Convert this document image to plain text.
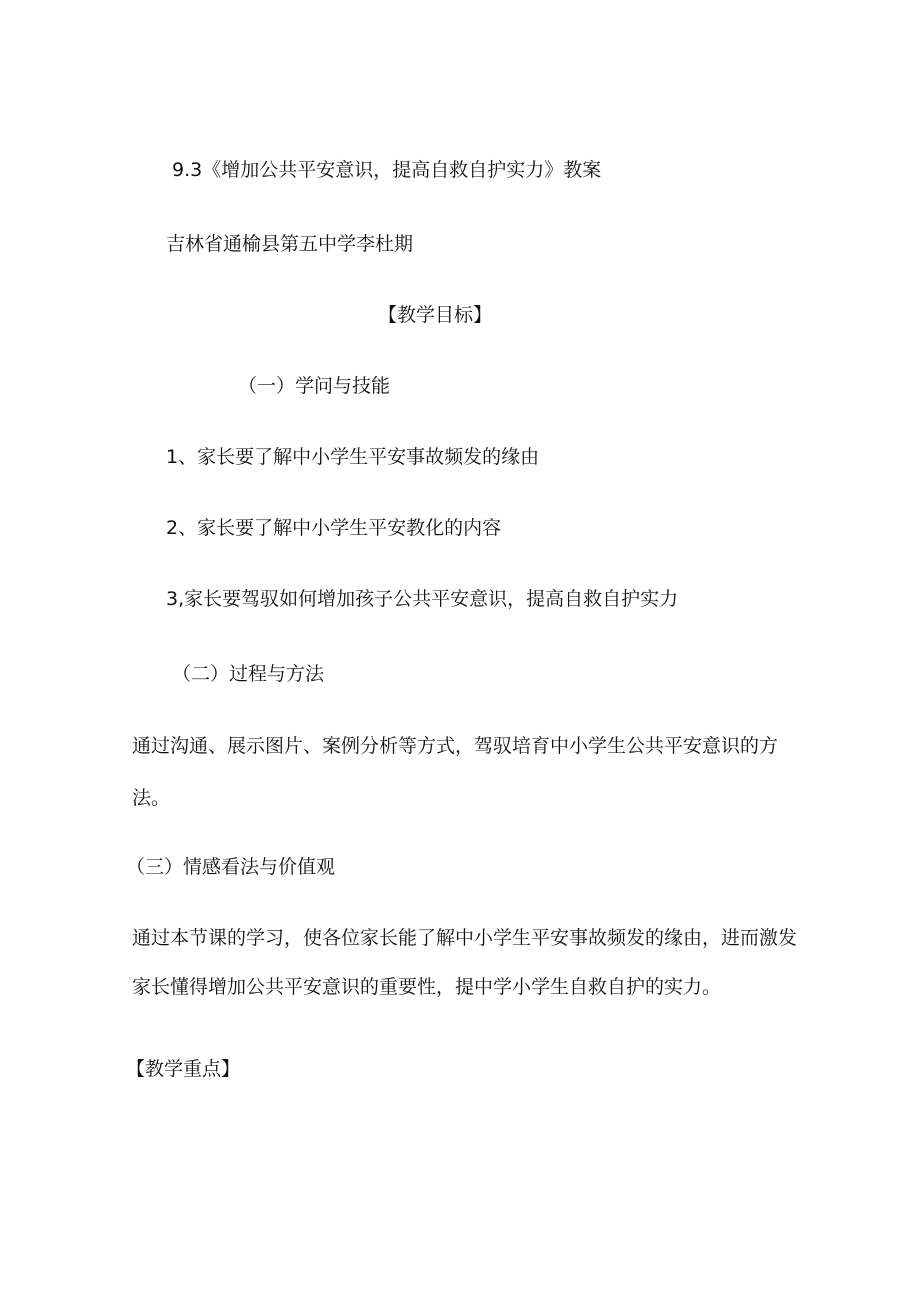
9.3《增加公共平安意识，提高自救自护实力》教案
吉林省通榆县第五中学李杜期
【教学目标】
（一）学问与技能
1、家长要了解中小学生平安事故频发的缘由
2、家长要了解中小学生平安教化的内容
3,家长要驾驭如何增加孩子公共平安意识，提高自救自护实力
（二）过程与方法
通过沟通、展示图片、案例分析等方式，驾驭培育中小学生公共平安意识的方
法。
（三）情感看法与价值观
通过本节课的学习，使各位家长能了解中小学生平安事故频发的缘由，进而激发
家长懂得增加公共平安意识的重要性，提中学小学生自救自护的实力。
【教学重点】
